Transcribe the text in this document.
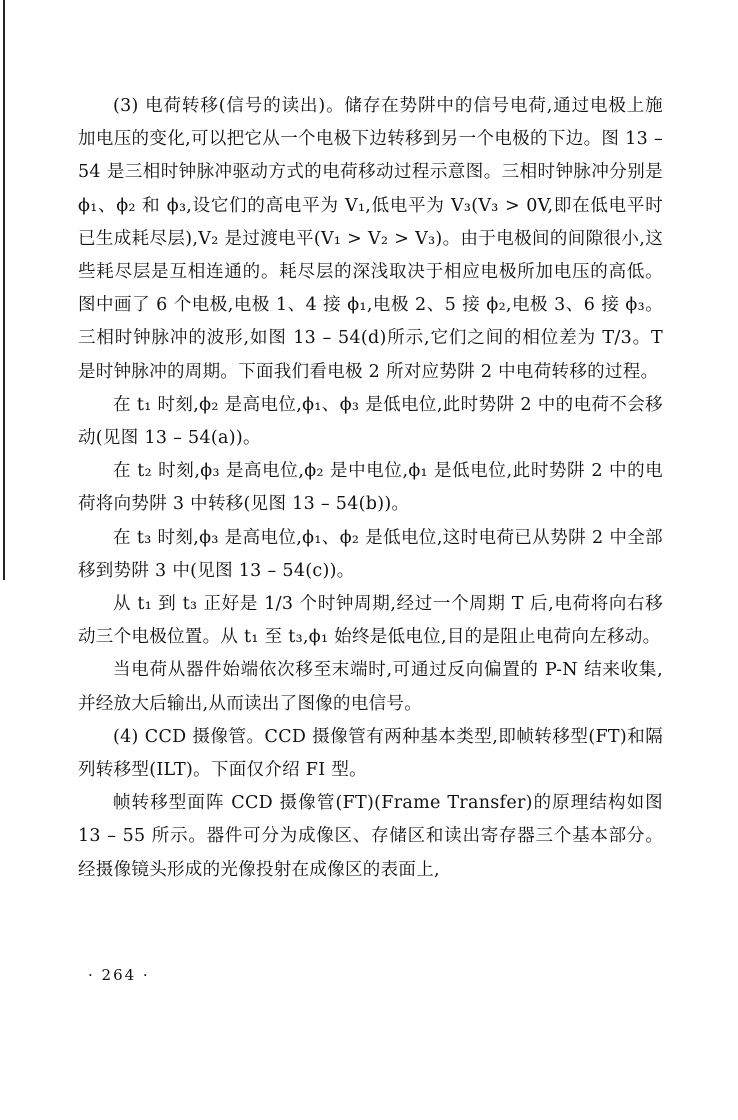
(3) 电荷转移(信号的读出)。储存在势阱中的信号电荷,通过电极上施加电压的变化,可以把它从一个电极下边转移到另一个电极的下边。图 13 – 54 是三相时钟脉冲驱动方式的电荷移动过程示意图。三相时钟脉冲分别是 ϕ₁、ϕ₂ 和 ϕ₃,设它们的高电平为 V₁,低电平为 V₃(V₃ > 0V,即在低电平时已生成耗尽层),V₂ 是过渡电平(V₁ > V₂ > V₃)。由于电极间的间隙很小,这些耗尽层是互相连通的。耗尽层的深浅取决于相应电极所加电压的高低。图中画了 6 个电极,电极 1、4 接 ϕ₁,电极 2、5 接 ϕ₂,电极 3、6 接 ϕ₃。三相时钟脉冲的波形,如图 13 – 54(d)所示,它们之间的相位差为 T/3。T 是时钟脉冲的周期。下面我们看电极 2 所对应势阱 2 中电荷转移的过程。

在 t₁ 时刻,ϕ₂ 是高电位,ϕ₁、ϕ₃ 是低电位,此时势阱 2 中的电荷不会移动(见图 13 – 54(a))。

在 t₂ 时刻,ϕ₃ 是高电位,ϕ₂ 是中电位,ϕ₁ 是低电位,此时势阱 2 中的电荷将向势阱 3 中转移(见图 13 – 54(b))。

在 t₃ 时刻,ϕ₃ 是高电位,ϕ₁、ϕ₂ 是低电位,这时电荷已从势阱 2 中全部移到势阱 3 中(见图 13 – 54(c))。

从 t₁ 到 t₃ 正好是 1/3 个时钟周期,经过一个周期 T 后,电荷将向右移动三个电极位置。从 t₁ 至 t₃,ϕ₁ 始终是低电位,目的是阻止电荷向左移动。

当电荷从器件始端依次移至末端时,可通过反向偏置的 P-N 结来收集,并经放大后输出,从而读出了图像的电信号。

(4) CCD 摄像管。CCD 摄像管有两种基本类型,即帧转移型(FT)和隔列转移型(ILT)。下面仅介绍 FI 型。

帧转移型面阵 CCD 摄像管(FT)(Frame Transfer)的原理结构如图 13 – 55 所示。器件可分为成像区、存储区和读出寄存器三个基本部分。经摄像镜头形成的光像投射在成像区的表面上,

· 264 ·
